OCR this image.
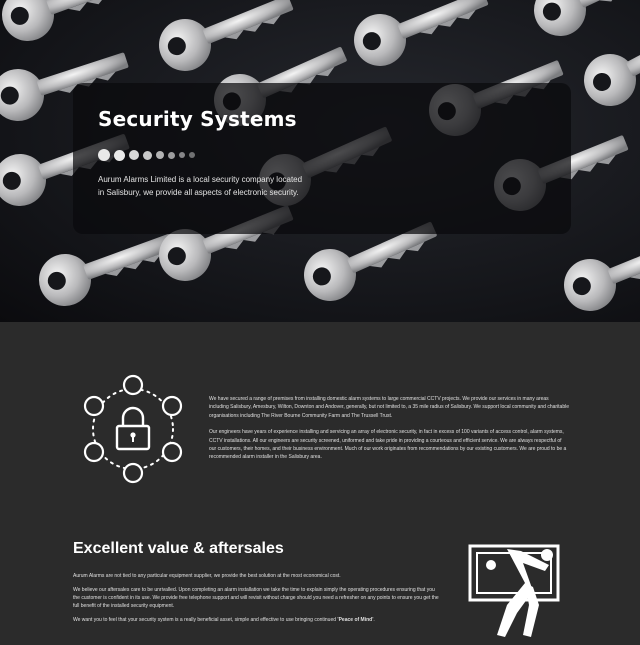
Security Systems
Aurum Alarms Limited is a local security company located in Salisbury, we provide all aspects of electronic security.

We have secured a range of premises from installing domestic alarm systems to large commercial CCTV projects. We provide our services in many areas including Salisbury, Amesbury, Wilton, Downton and Andover, generally, but not limited to, a 35 mile radius of Salisbury. We support local community and charitable organisations including The River Bourne Community Farm and The Trussell Trust.

Our engineers have years of experience installing and servicing an array of electronic security, in fact in excess of 100 variants of access control, alarm systems, CCTV installations. All our engineers are security screened, uniformed and take pride in providing a courteous and efficient service. We are always respectful of our customers, their homes, and their business environment. Much of our work originates from recommendations by our existing customers. We are proud to be a recommended alarm installer in the Salisbury area.

Excellent value & aftersales

Aurum Alarms are not tied to any particular equipment supplier, we provide the best solution at the most economical cost.

We believe our aftersales care to be unrivalled. Upon completing an alarm installation we take the time to explain simply the operating procedures ensuring that you the customer is confident in its use. We provide free telephone support and will revisit without charge should you need a refresher on any points to ensure you get the full benefit of the installed security equipment.

We want you to feel that your security system is a really beneficial asset, simple and effective to use bringing continued 'Peace of Mind'.
